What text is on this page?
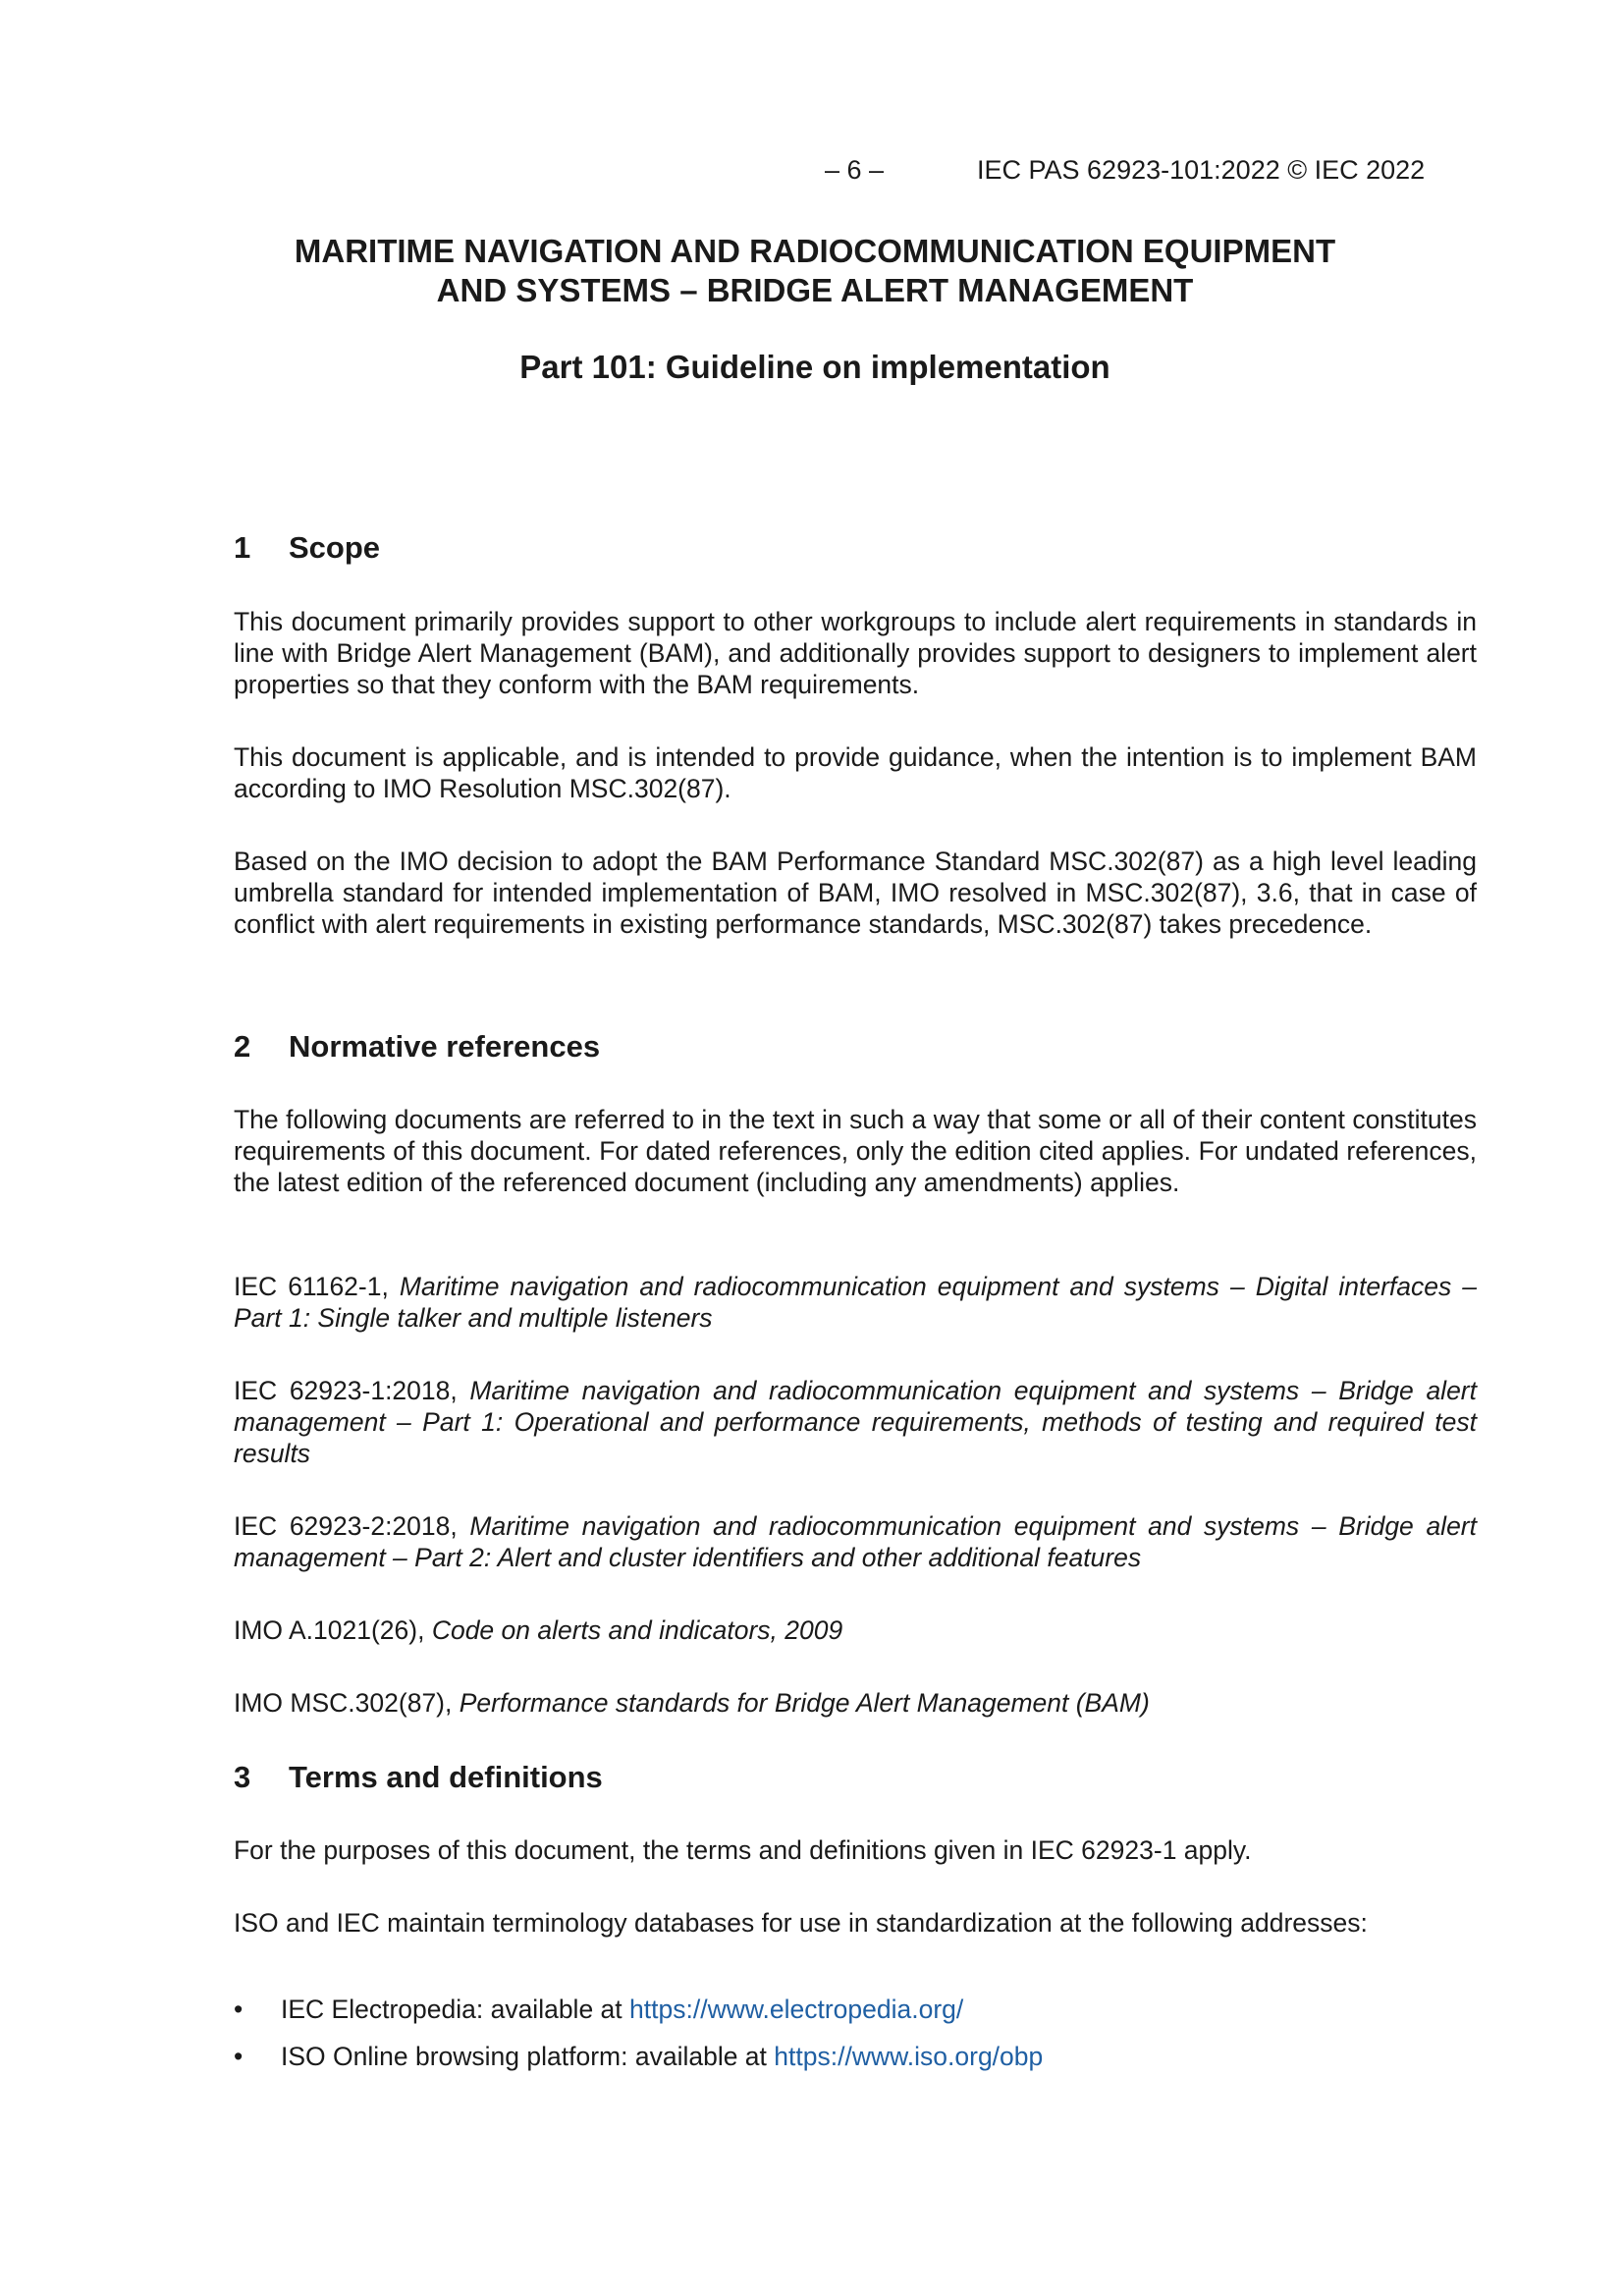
– 6 –	IEC PAS 62923-101:2022 © IEC 2022
MARITIME NAVIGATION AND RADIOCOMMUNICATION EQUIPMENT
AND SYSTEMS – BRIDGE ALERT MANAGEMENT
Part 101: Guideline on implementation
1 Scope
This document primarily provides support to other workgroups to include alert requirements in standards in line with Bridge Alert Management (BAM), and additionally provides support to designers to implement alert properties so that they conform with the BAM requirements.
This document is applicable, and is intended to provide guidance, when the intention is to implement BAM according to IMO Resolution MSC.302(87).
Based on the IMO decision to adopt the BAM Performance Standard MSC.302(87) as a high level leading umbrella standard for intended implementation of BAM, IMO resolved in MSC.302(87), 3.6, that in case of conflict with alert requirements in existing performance standards, MSC.302(87) takes precedence.
2 Normative references
The following documents are referred to in the text in such a way that some or all of their content constitutes requirements of this document. For dated references, only the edition cited applies. For undated references, the latest edition of the referenced document (including any amendments) applies.
IEC 61162-1, Maritime navigation and radiocommunication equipment and systems – Digital interfaces – Part 1: Single talker and multiple listeners
IEC 62923-1:2018, Maritime navigation and radiocommunication equipment and systems – Bridge alert management – Part 1: Operational and performance requirements, methods of testing and required test results
IEC 62923-2:2018, Maritime navigation and radiocommunication equipment and systems – Bridge alert management – Part 2: Alert and cluster identifiers and other additional features
IMO A.1021(26), Code on alerts and indicators, 2009
IMO MSC.302(87), Performance standards for Bridge Alert Management (BAM)
3 Terms and definitions
For the purposes of this document, the terms and definitions given in IEC 62923-1 apply.
ISO and IEC maintain terminology databases for use in standardization at the following addresses:
• IEC Electropedia: available at https://www.electropedia.org/
• ISO Online browsing platform: available at https://www.iso.org/obp
